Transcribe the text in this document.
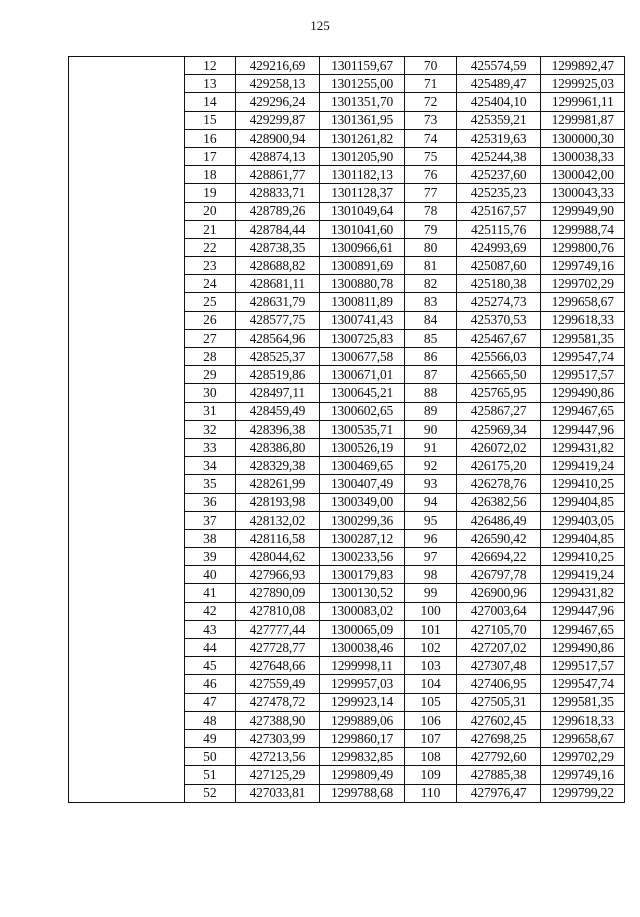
125
	12	429216,69	1301159,67	70	425574,59	1299892,47
	13	429258,13	1301255,00	71	425489,47	1299925,03
	14	429296,24	1301351,70	72	425404,10	1299961,11
	15	429299,87	1301361,95	73	425359,21	1299981,87
	16	428900,94	1301261,82	74	425319,63	1300000,30
	17	428874,13	1301205,90	75	425244,38	1300038,33
	18	428861,77	1301182,13	76	425237,60	1300042,00
	19	428833,71	1301128,37	77	425235,23	1300043,33
	20	428789,26	1301049,64	78	425167,57	1299949,90
	21	428784,44	1301041,60	79	425115,76	1299988,74
	22	428738,35	1300966,61	80	424993,69	1299800,76
	23	428688,82	1300891,69	81	425087,60	1299749,16
	24	428681,11	1300880,78	82	425180,38	1299702,29
	25	428631,79	1300811,89	83	425274,73	1299658,67
	26	428577,75	1300741,43	84	425370,53	1299618,33
	27	428564,96	1300725,83	85	425467,67	1299581,35
	28	428525,37	1300677,58	86	425566,03	1299547,74
	29	428519,86	1300671,01	87	425665,50	1299517,57
	30	428497,11	1300645,21	88	425765,95	1299490,86
	31	428459,49	1300602,65	89	425867,27	1299467,65
	32	428396,38	1300535,71	90	425969,34	1299447,96
	33	428386,80	1300526,19	91	426072,02	1299431,82
	34	428329,38	1300469,65	92	426175,20	1299419,24
	35	428261,99	1300407,49	93	426278,76	1299410,25
	36	428193,98	1300349,00	94	426382,56	1299404,85
	37	428132,02	1300299,36	95	426486,49	1299403,05
	38	428116,58	1300287,12	96	426590,42	1299404,85
	39	428044,62	1300233,56	97	426694,22	1299410,25
	40	427966,93	1300179,83	98	426797,78	1299419,24
	41	427890,09	1300130,52	99	426900,96	1299431,82
	42	427810,08	1300083,02	100	427003,64	1299447,96
	43	427777,44	1300065,09	101	427105,70	1299467,65
	44	427728,77	1300038,46	102	427207,02	1299490,86
	45	427648,66	1299998,11	103	427307,48	1299517,57
	46	427559,49	1299957,03	104	427406,95	1299547,74
	47	427478,72	1299923,14	105	427505,31	1299581,35
	48	427388,90	1299889,06	106	427602,45	1299618,33
	49	427303,99	1299860,17	107	427698,25	1299658,67
	50	427213,56	1299832,85	108	427792,60	1299702,29
	51	427125,29	1299809,49	109	427885,38	1299749,16
	52	427033,81	1299788,68	110	427976,47	1299799,22
